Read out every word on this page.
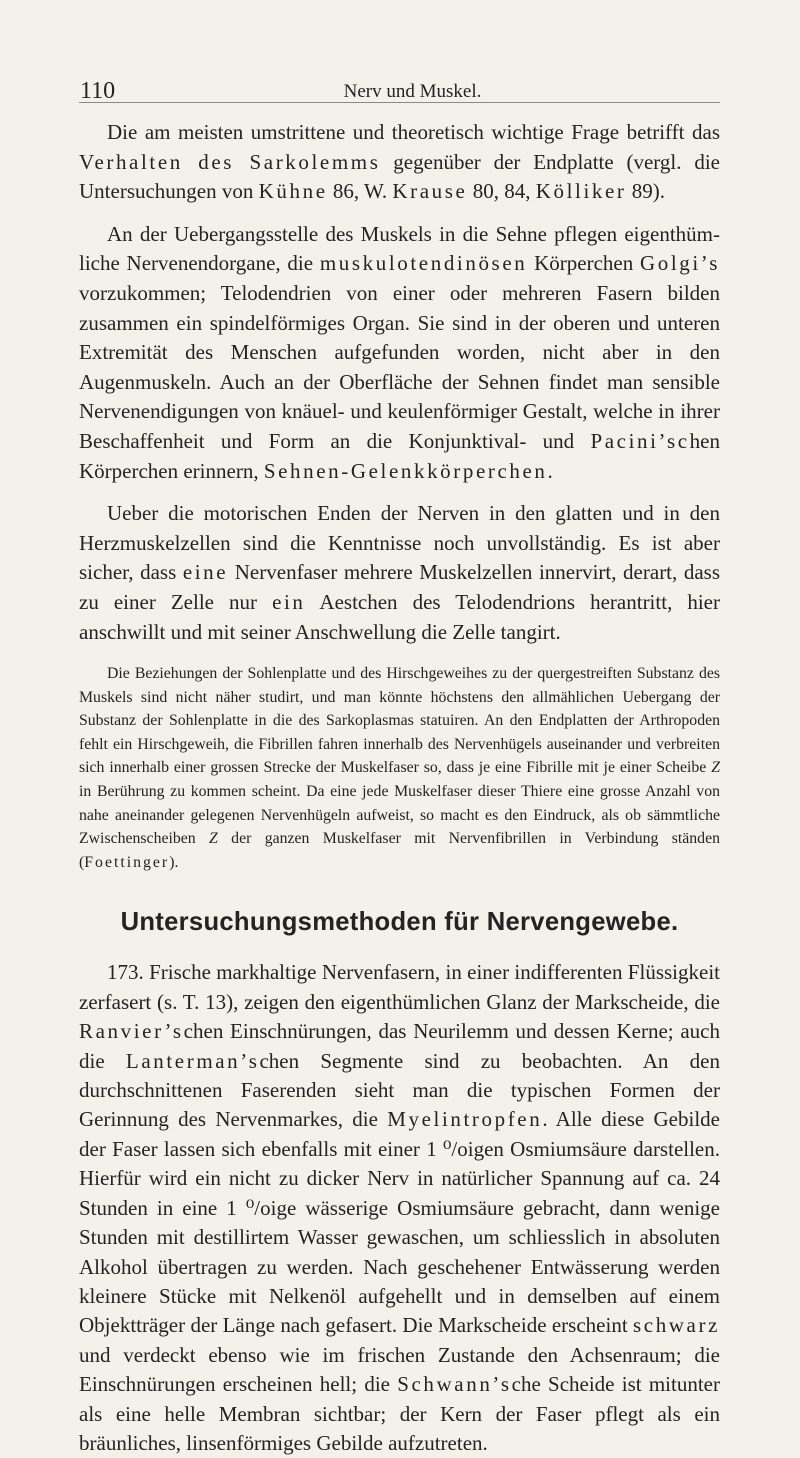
110	Nerv und Muskel.

Die am meisten umstrittene und theoretisch wichtige Frage betrifft das Verhalten des Sarkolemms gegenüber der Endplatte (vergl. die Untersuchungen von Kühne 86, W. Krause 80, 84, Kölliker 89).

An der Uebergangsstelle des Muskels in die Sehne pflegen eigenthümliche Nervenendorgane, die muskulotendinösen Körperchen Golgi’s vorzukommen; Telodendrien von einer oder mehreren Fasern bilden zusammen ein spindelförmiges Organ. Sie sind in der oberen und unteren Extremität des Menschen aufgefunden worden, nicht aber in den Augenmuskeln. Auch an der Oberfläche der Sehnen findet man sensible Nervenendigungen von knäuel- und keulenförmiger Gestalt, welche in ihrer Beschaffenheit und Form an die Konjunktival- und Pacini’schen Körperchen erinnern, Sehnen-Gelenkkörperchen.

Ueber die motorischen Enden der Nerven in den glatten und in den Herzmuskelzellen sind die Kenntnisse noch unvollständig. Es ist aber sicher, dass eine Nervenfaser mehrere Muskelzellen innervirt, derart, dass zu einer Zelle nur ein Aestchen des Telodendrions herantritt, hier anschwillt und mit seiner Anschwellung die Zelle tangirt.

Die Beziehungen der Sohlenplatte und des Hirschgeweihes zu der quergestreiften Substanz des Muskels sind nicht näher studirt, und man könnte höchstens den allmählichen Uebergang der Substanz der Sohlenplatte in die des Sarkoplasmas statuiren. An den Endplatten der Arthropoden fehlt ein Hirschgeweih, die Fibrillen fahren innerhalb des Nervenhügels auseinander und verbreiten sich innerhalb einer grossen Strecke der Muskelfaser so, dass je eine Fibrille mit je einer Scheibe Z in Berührung zu kommen scheint. Da eine jede Muskelfaser dieser Thiere eine grosse Anzahl von nahe aneinander gelegenen Nervenhügeln aufweist, so macht es den Eindruck, als ob sämmtliche Zwischenscheiben Z der ganzen Muskelfaser mit Nervenfibrillen in Verbindung ständen (Foettinger).

Untersuchungsmethoden für Nervengewebe.

173. Frische markhaltige Nervenfasern, in einer indifferenten Flüssigkeit zerfasert (s. T. 13), zeigen den eigenthümlichen Glanz der Markscheide, die Ranvier’schen Einschnürungen, das Neurilemm und dessen Kerne; auch die Lanterman’schen Segmente sind zu beobachten. An den durchschnittenen Faserenden sieht man die typischen Formen der Gerinnung des Nervenmarkes, die Myelintropfen. Alle diese Gebilde der Faser lassen sich ebenfalls mit einer 1 ⁰/oigen Osmiumsäure darstellen. Hierfür wird ein nicht zu dicker Nerv in natürlicher Spannung auf ca. 24 Stunden in eine 1 ⁰/oige wässerige Osmiumsäure gebracht, dann wenige Stunden mit destillirtem Wasser gewaschen, um schliesslich in absoluten Alkohol übertragen zu werden. Nach geschehener Entwässerung werden kleinere Stücke mit Nelkenöl aufgehellt und in demselben auf einem Objektträger der Länge nach gefasert. Die Markscheide erscheint schwarz und verdeckt ebenso wie im frischen Zustande den Achsenraum; die Einschnürungen erscheinen hell; die Schwann’sche Scheide ist mitunter als eine helle Membran sichtbar; der Kern der Faser pflegt als ein bräunliches, linsenförmiges Gebilde aufzutreten.
